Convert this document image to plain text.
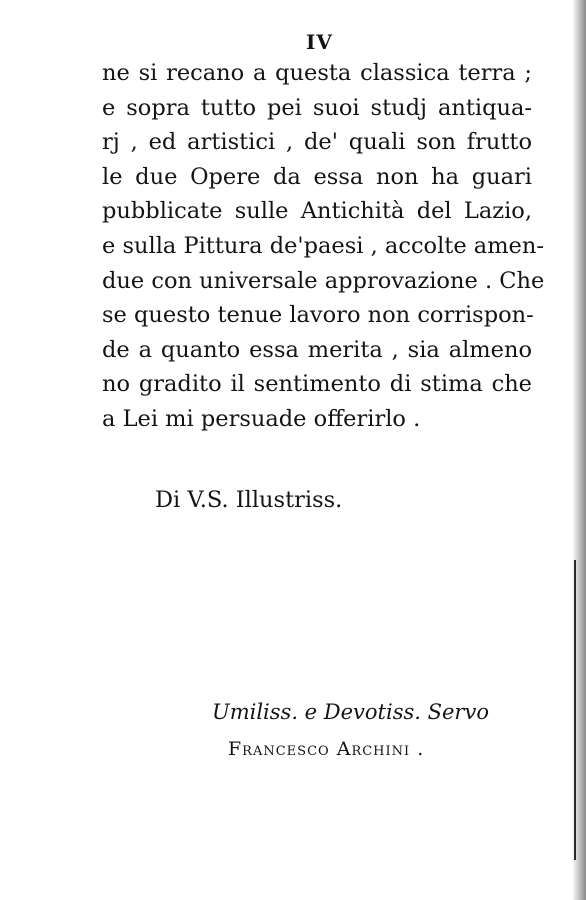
IV
ne si recano a questa classica terra ;
e sopra tutto pei suoi studj antiqua-
rj , ed artistici , de' quali son frutto
le due Opere da essa non ha guari
pubblicate sulle Antichità del Lazio,
e sulla Pittura de'paesi , accolte amen-
due con universale approvazione . Che
se questo tenue lavoro non corrispon-
de a quanto essa merita , sia almeno
no gradito il sentimento di stima che
a Lei mi persuade offerirlo .
Di V.S. Illustriss.
Umiliss. e Devotiss. Servo
Francesco Archini .
